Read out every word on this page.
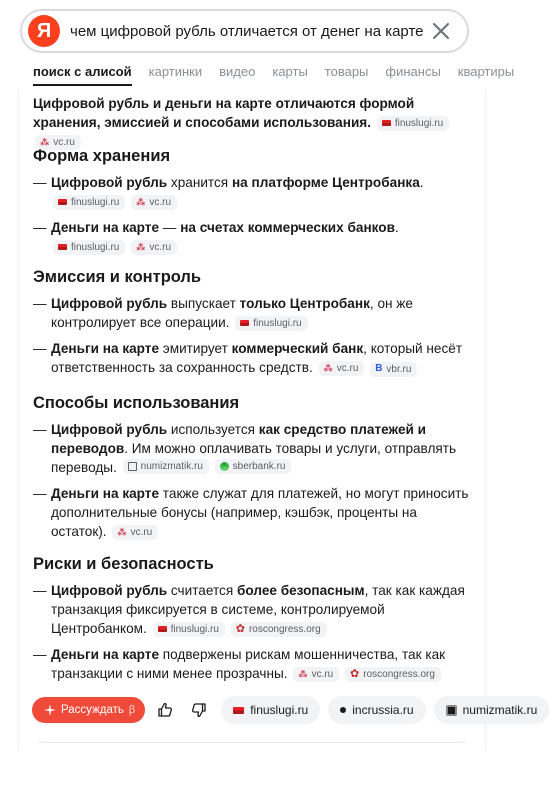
Я
чем цифровой рубль отличается от денег на карте
поиск с алисой картинки видео карты товары финансы квартиры

Цифровой рубль и деньги на карте отличаются формой хранения, эмиссией и способами использования. finuslugi.ru

⁂ vc.ru

Форма хранения
— Цифровой рубль хранится на платформе Центробанка.
finuslugi.ru
⁂ vc.ru
— Деньги на карте — на счетах коммерческих банков.
finuslugi.ru
⁂ vc.ru
Эмиссия и контроль
— Цифровой рубль выпускает только Центробанк, он же контролирует все операции. finuslugi.ru
— Деньги на карте эмитирует коммерческий банк, который несёт ответственность за сохранность средств. ⁂ vc.ru
B vbr.ru
Способы использования
— Цифровой рубль используется как средство платежей и переводов. Им можно оплачивать товары и услуги, отправлять переводы. numizmatik.ru
	sberbank.ru
— Деньги на карте также служат для платежей, но могут приносить дополнительные бонусы (например, кэшбэк, проценты на остаток). ⁂ vc.ru
Риски и безопасность
— Цифровой рубль считается более безопасным, так как каждая транзакция фиксируется в системе, контролируемой Центробанком. finuslugi.ru
✿ roscongress.org
— Деньги на карте подвержены рискам мошенничества, так как транзакции с ними менее прозрачны. ⁂ vc.ru
✿ roscongress.org
Рассуждать β	finuslugi.ru	incrussia.ru	numizmatik.ru
